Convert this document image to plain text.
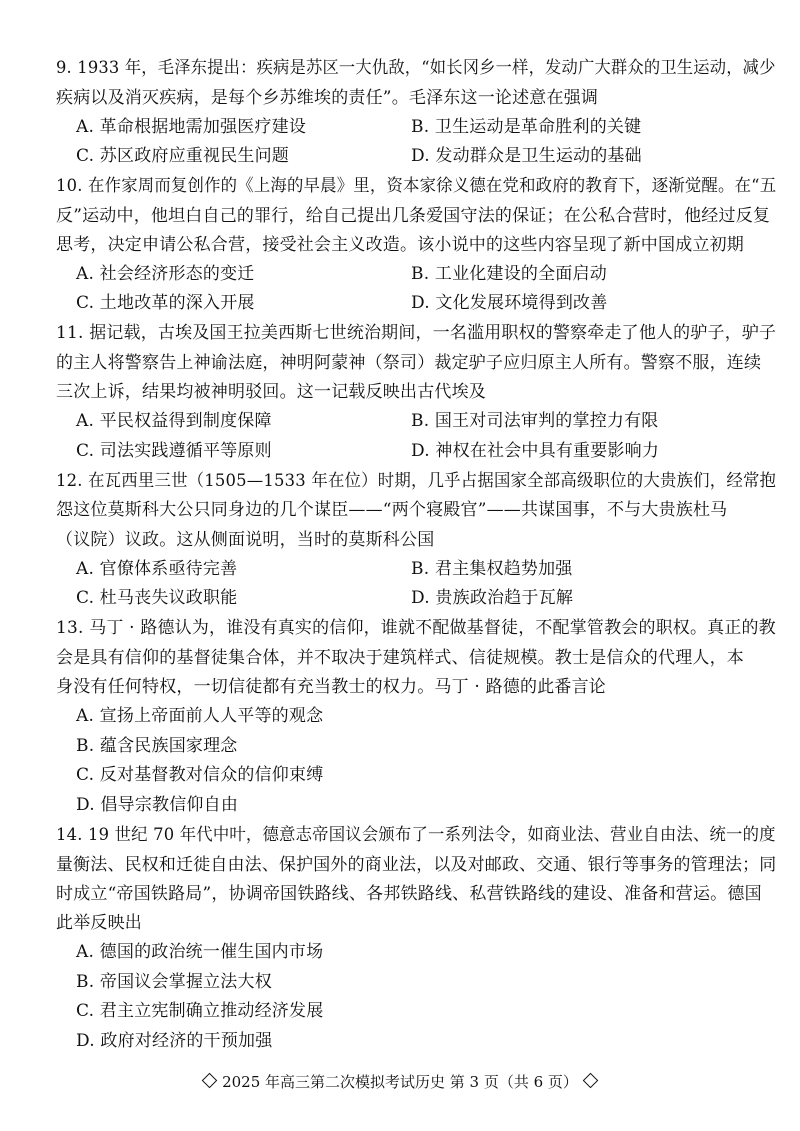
9. 1933 年，毛泽东提出：疾病是苏区一大仇敌，“如长冈乡一样，发动广大群众的卫生运动，减少
疾病以及消灭疾病，是每个乡苏维埃的责任”。毛泽东这一论述意在强调
A. 革命根据地需加强医疗建设	B. 卫生运动是革命胜利的关键
C. 苏区政府应重视民生问题	D. 发动群众是卫生运动的基础
10. 在作家周而复创作的《上海的早晨》里，资本家徐义德在党和政府的教育下，逐渐觉醒。在“五
反”运动中，他坦白自己的罪行，给自己提出几条爱国守法的保证；在公私合营时，他经过反复
思考，决定申请公私合营，接受社会主义改造。该小说中的这些内容呈现了新中国成立初期
A. 社会经济形态的变迁	B. 工业化建设的全面启动
C. 土地改革的深入开展	D. 文化发展环境得到改善
11. 据记载，古埃及国王拉美西斯七世统治期间，一名滥用职权的警察牵走了他人的驴子，驴子
的主人将警察告上神谕法庭，神明阿蒙神（祭司）裁定驴子应归原主人所有。警察不服，连续
三次上诉，结果均被神明驳回。这一记载反映出古代埃及
A. 平民权益得到制度保障	B. 国王对司法审判的掌控力有限
C. 司法实践遵循平等原则	D. 神权在社会中具有重要影响力
12. 在瓦西里三世（1505—1533 年在位）时期，几乎占据国家全部高级职位的大贵族们，经常抱
怨这位莫斯科大公只同身边的几个谋臣——“两个寝殿官”——共谋国事，不与大贵族杜马
（议院）议政。这从侧面说明，当时的莫斯科公国
A. 官僚体系亟待完善	B. 君主集权趋势加强
C. 杜马丧失议政职能	D. 贵族政治趋于瓦解
13. 马丁 · 路德认为，谁没有真实的信仰，谁就不配做基督徒，不配掌管教会的职权。真正的教
会是具有信仰的基督徒集合体，并不取决于建筑样式、信徒规模。教士是信众的代理人，本
身没有任何特权，一切信徒都有充当教士的权力。马丁 · 路德的此番言论
A. 宣扬上帝面前人人平等的观念
B. 蕴含民族国家理念
C. 反对基督教对信众的信仰束缚
D. 倡导宗教信仰自由
14. 19 世纪 70 年代中叶，德意志帝国议会颁布了一系列法令，如商业法、营业自由法、统一的度
量衡法、民权和迁徙自由法、保护国外的商业法，以及对邮政、交通、银行等事务的管理法；同
时成立“帝国铁路局”，协调帝国铁路线、各邦铁路线、私营铁路线的建设、准备和营运。德国
此举反映出
A. 德国的政治统一催生国内市场
B. 帝国议会掌握立法大权
C. 君主立宪制确立推动经济发展
D. 政府对经济的干预加强
2025 年高三第二次模拟考试历史 第 3 页（共 6 页）
